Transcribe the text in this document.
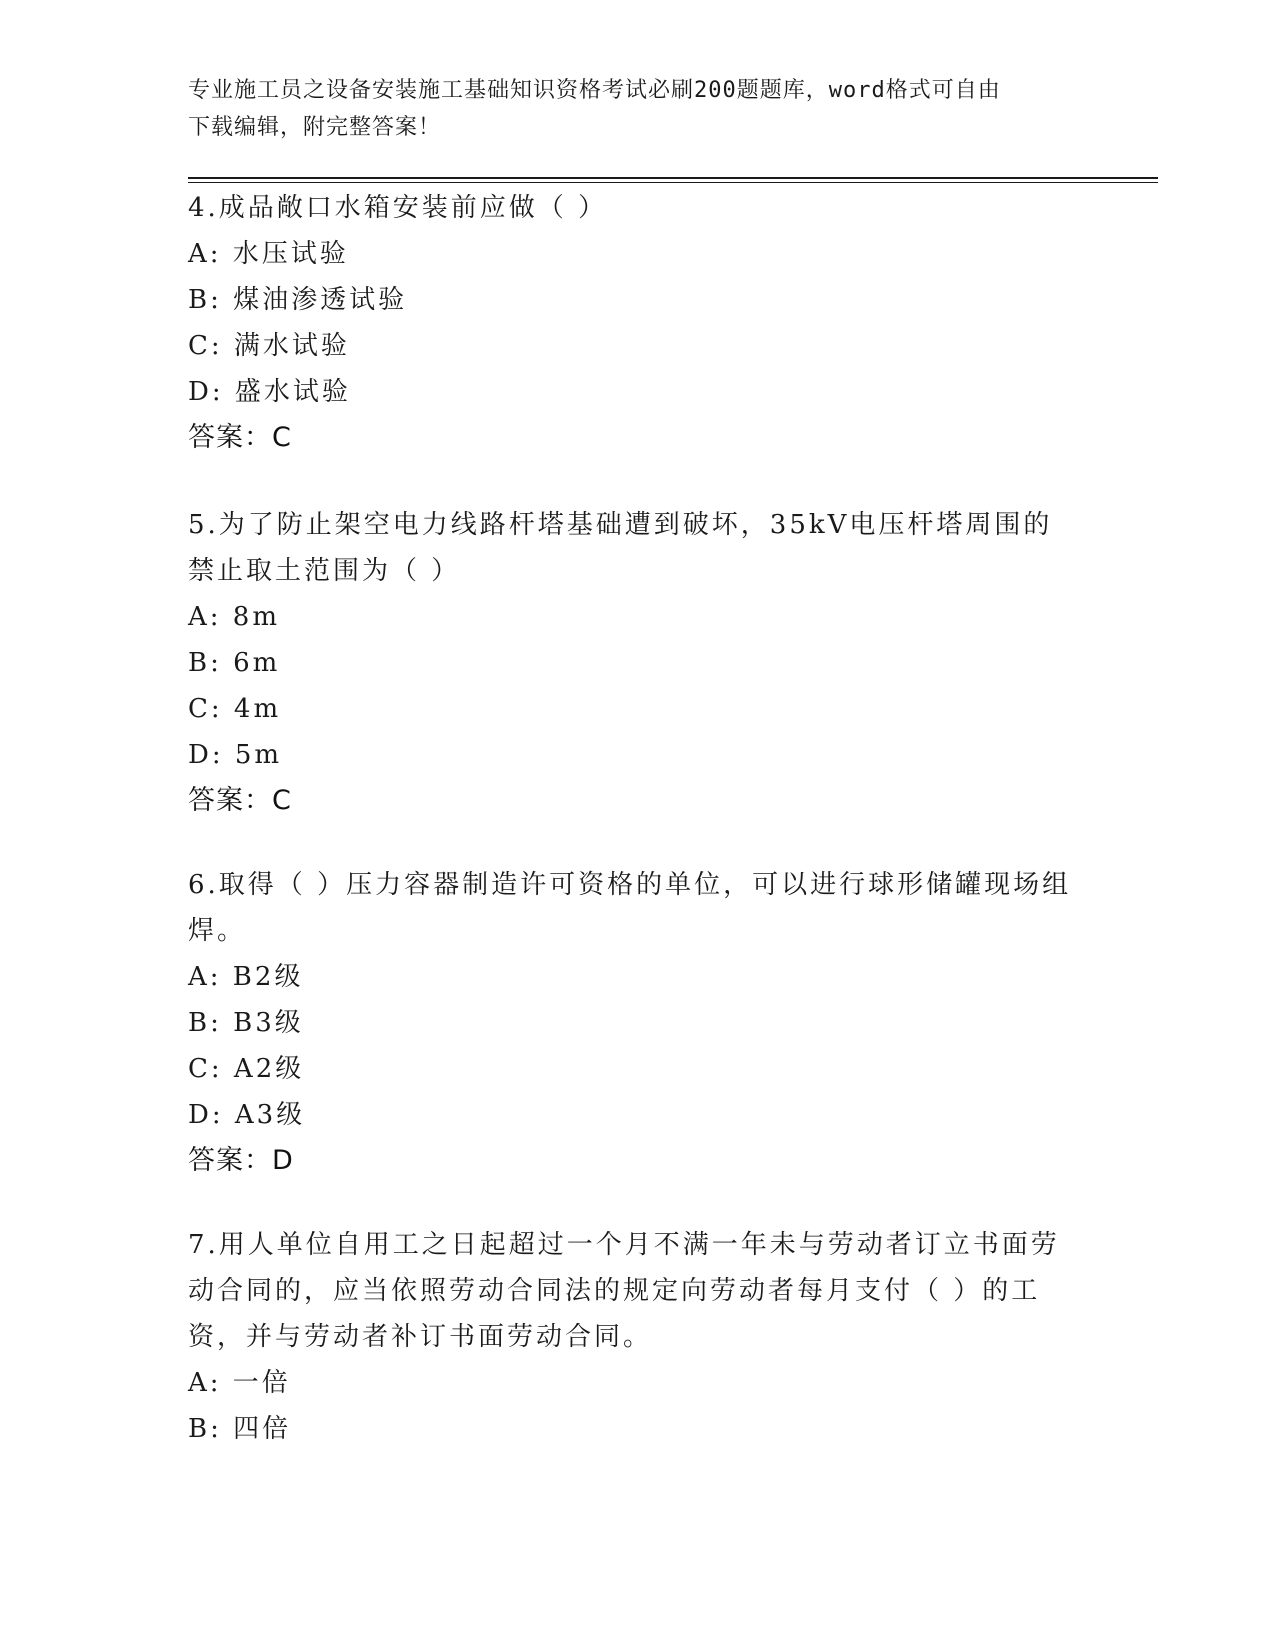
专业施工员之设备安装施工基础知识资格考试必刷200题题库，word格式可自由
下载编辑，附完整答案！
4.成品敞口水箱安装前应做（ ）
A: 水压试验
B: 煤油渗透试验
C: 满水试验
D: 盛水试验
答案：C
5.为了防止架空电力线路杆塔基础遭到破坏，35kV电压杆塔周围的禁止取土范围为（ ）
A: 8m
B: 6m
C: 4m
D: 5m
答案：C
6.取得（ ）压力容器制造许可资格的单位，可以进行球形储罐现场组焊。
A: B2级
B: B3级
C: A2级
D: A3级
答案：D
7.用人单位自用工之日起超过一个月不满一年未与劳动者订立书面劳动合同的，应当依照劳动合同法的规定向劳动者每月支付（ ）的工资，并与劳动者补订书面劳动合同。
A: 一倍
B: 四倍
